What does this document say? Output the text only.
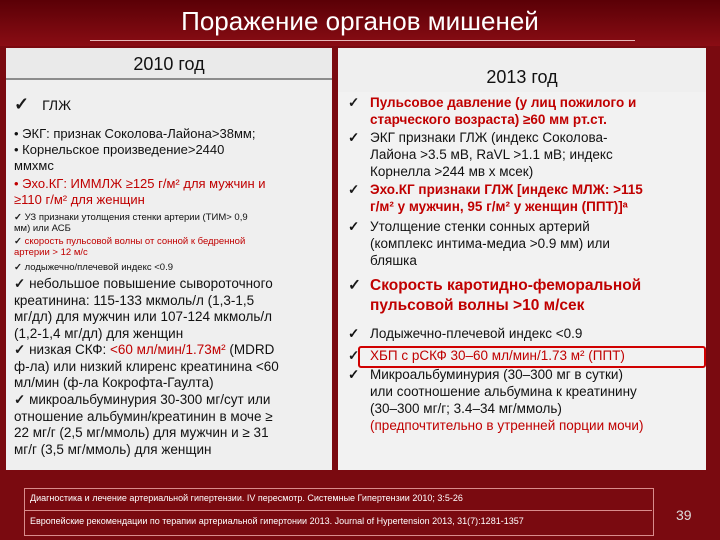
Поражение органов мишеней
2010 год
✓ ГЛЖ
• ЭКГ: признак Соколова-Лайона>38мм;
• Корнельское произведение>2440
ммхмс
• Эхо.КГ: ИММЛЖ ≥125 г/м² для мужчин и
≥110 г/м² для женщин
✓ УЗ признаки утолщения стенки артерии (ТИМ> 0,9
мм) или АСБ
✓ скорость пульсовой волны от сонной к бедренной
артерии > 12 м/с
✓ лодыжечно/плечевой индекс <0.9
✓ небольшое повышение сывороточного
креатинина: 115-133 мкмоль/л (1,3-1,5
мг/дл) для мужчин или 107-124 мкмоль/л
(1,2-1,4 мг/дл) для женщин
✓ низкая СКФ: <60 мл/мин/1.73м² (MDRD
ф-ла) или низкий клиренс креатинина <60
мл/мин (ф-ла Кокрофта-Гаулта)
✓ микроальбуминурия 30-300 мг/сут или
отношение альбумин/креатинин в моче ≥
22 мг/г (2,5 мг/ммоль) для мужчин и ≥ 31
мг/г (3,5 мг/ммоль) для женщин
2013 год
✓ Пульсовое давление (у лиц пожилого и
старческого возраста) ≥60 мм рт.ст.
✓ ЭКГ признаки ГЛЖ (индекс Соколова-
Лайона >3.5 мВ, RaVL >1.1 мВ; индекс
Корнелла >244 мв х мсек)
✓ Эхо.КГ признаки ГЛЖ [индекс МЛЖ: >115
г/м² у мужчин, 95 г/м² у женщин (ППТ)]ᵃ
✓ Утолщение стенки сонных артерий
(комплекс интима-медиа >0.9 мм) или
бляшка
✓ Скорость каротидно-феморальной
пульсовой волны >10 м/сек
✓ Лодыжечно-плечевой индекс <0.9
✓ ХБП с рСКФ 30–60 мл/мин/1.73 м² (ППТ)
✓ Микроальбуминурия (30–300 мг в сутки)
или соотношение альбумина к креатинину
(30–300 мг/г; 3.4–34 мг/ммоль)
(предпочтительно в утренней порции мочи)
Диагностика и лечение артериальной гипертензии. IV пересмотр. Системные Гипертензии 2010; 3:5-26
Европейские рекомендации по терапии артериальной гипертонии 2013. Journal of Hypertension 2013, 31(7):1281-1357	39
